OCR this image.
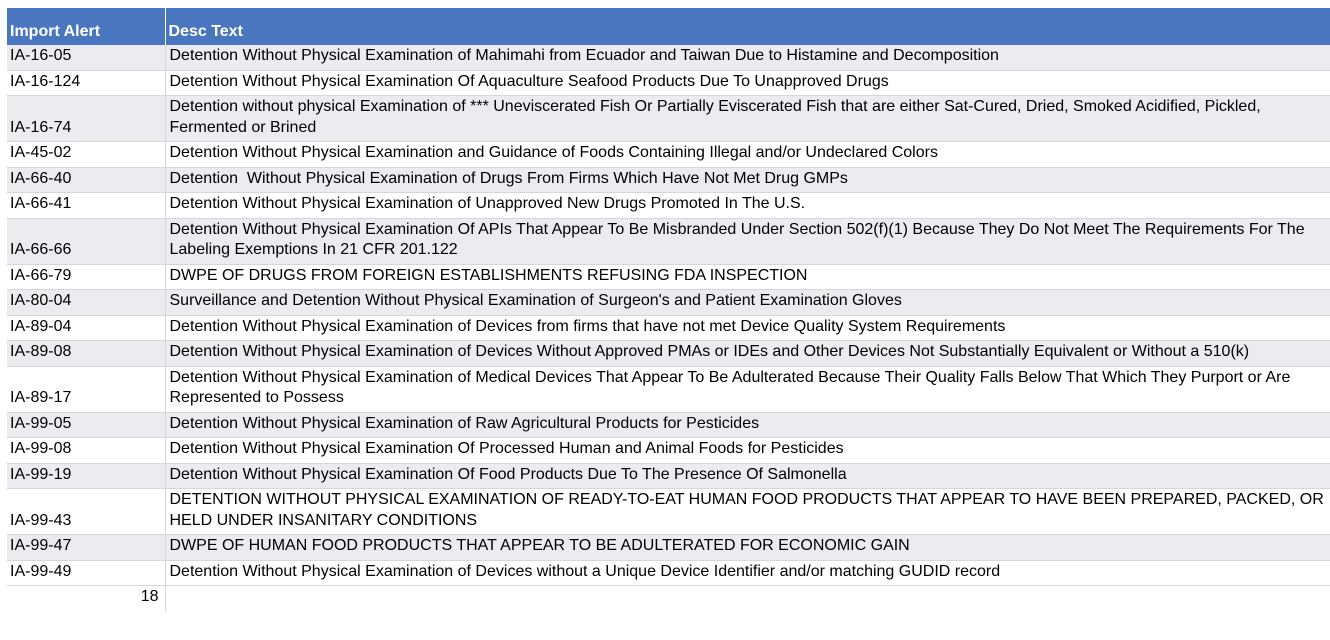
Import Alert	Desc Text
IA-16-05	Detention Without Physical Examination of Mahimahi from Ecuador and Taiwan Due to Histamine and Decomposition
IA-16-124	Detention Without Physical Examination Of Aquaculture Seafood Products Due To Unapproved Drugs
IA-16-74	Detention without physical Examination of *** Uneviscerated Fish Or Partially Eviscerated Fish that are either Sat-Cured, Dried, Smoked Acidified, Pickled, Fermented or Brined
IA-45-02	Detention Without Physical Examination and Guidance of Foods Containing Illegal and/or Undeclared Colors
IA-66-40	Detention  Without Physical Examination of Drugs From Firms Which Have Not Met Drug GMPs
IA-66-41	Detention Without Physical Examination of Unapproved New Drugs Promoted In The U.S.
IA-66-66	Detention Without Physical Examination Of APIs That Appear To Be Misbranded Under Section 502(f)(1) Because They Do Not Meet The Requirements For The Labeling Exemptions In 21 CFR 201.122
IA-66-79	DWPE OF DRUGS FROM FOREIGN ESTABLISHMENTS REFUSING FDA INSPECTION
IA-80-04	Surveillance and Detention Without Physical Examination of Surgeon's and Patient Examination Gloves
IA-89-04	Detention Without Physical Examination of Devices from firms that have not met Device Quality System Requirements
IA-89-08	Detention Without Physical Examination of Devices Without Approved PMAs or IDEs and Other Devices Not Substantially Equivalent or Without a 510(k)
IA-89-17	Detention Without Physical Examination of Medical Devices That Appear To Be Adulterated Because Their Quality Falls Below That Which They Purport or Are Represented to Possess
IA-99-05	Detention Without Physical Examination of Raw Agricultural Products for Pesticides
IA-99-08	Detention Without Physical Examination Of Processed Human and Animal Foods for Pesticides
IA-99-19	Detention Without Physical Examination Of Food Products Due To The Presence Of Salmonella
IA-99-43	DETENTION WITHOUT PHYSICAL EXAMINATION OF READY-TO-EAT HUMAN FOOD PRODUCTS THAT APPEAR TO HAVE BEEN PREPARED, PACKED, OR HELD UNDER INSANITARY CONDITIONS
IA-99-47	DWPE OF HUMAN FOOD PRODUCTS THAT APPEAR TO BE ADULTERATED FOR ECONOMIC GAIN
IA-99-49	Detention Without Physical Examination of Devices without a Unique Device Identifier and/or matching GUDID record

18	
